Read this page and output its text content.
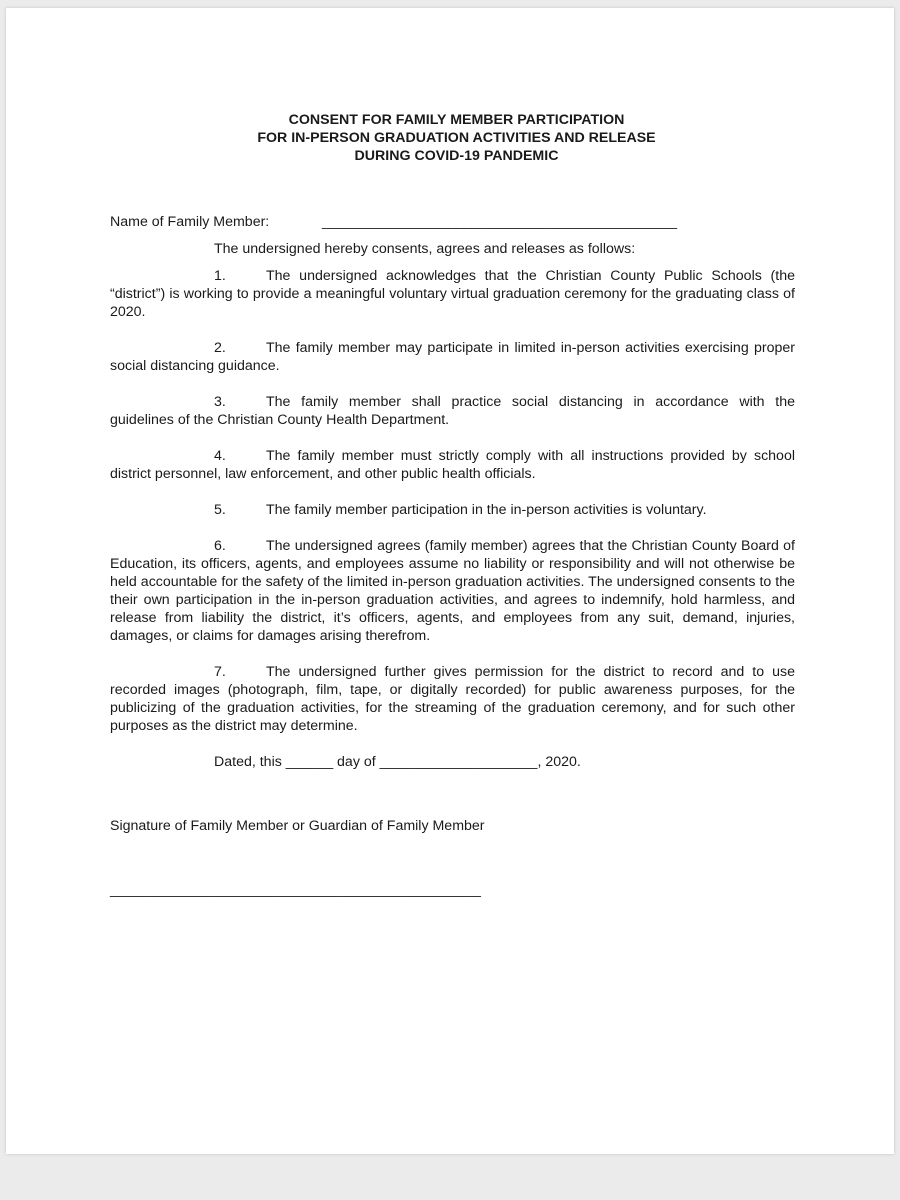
CONSENT FOR FAMILY MEMBER PARTICIPATION
FOR IN-PERSON GRADUATION ACTIVITIES AND RELEASE
DURING COVID-19 PANDEMIC
Name of Family Member:	_____________________________________________

The undersigned hereby consents, agrees and releases as follows:

1.	The undersigned acknowledges that the Christian County Public Schools (the “district”) is working to provide a meaningful voluntary virtual graduation ceremony for the graduating class of 2020.

2.	The family member may participate in limited in-person activities exercising proper social distancing guidance.

3.	The family member shall practice social distancing in accordance with the guidelines of the Christian County Health Department.

4.	The family member must strictly comply with all instructions provided by school district personnel, law enforcement, and other public health officials.

5.	The family member participation in the in-person activities is voluntary.

6.	The undersigned agrees (family member) agrees that the Christian County Board of Education, its officers, agents, and employees assume no liability or responsibility and will not otherwise be held accountable for the safety of the limited in-person graduation activities. The undersigned consents to the their own participation in the in-person graduation activities, and agrees to indemnify, hold harmless, and release from liability the district, it’s officers, agents, and employees from any suit, demand, injuries, damages, or claims for damages arising therefrom.

7.	The undersigned further gives permission for the district to record and to use recorded images (photograph, film, tape, or digitally recorded) for public awareness purposes, for the publicizing of the graduation activities, for the streaming of the graduation ceremony, and for such other purposes as the district may determine.

Dated, this ______ day of ____________________, 2020.
Signature of Family Member or Guardian of Family Member
_______________________________________________
